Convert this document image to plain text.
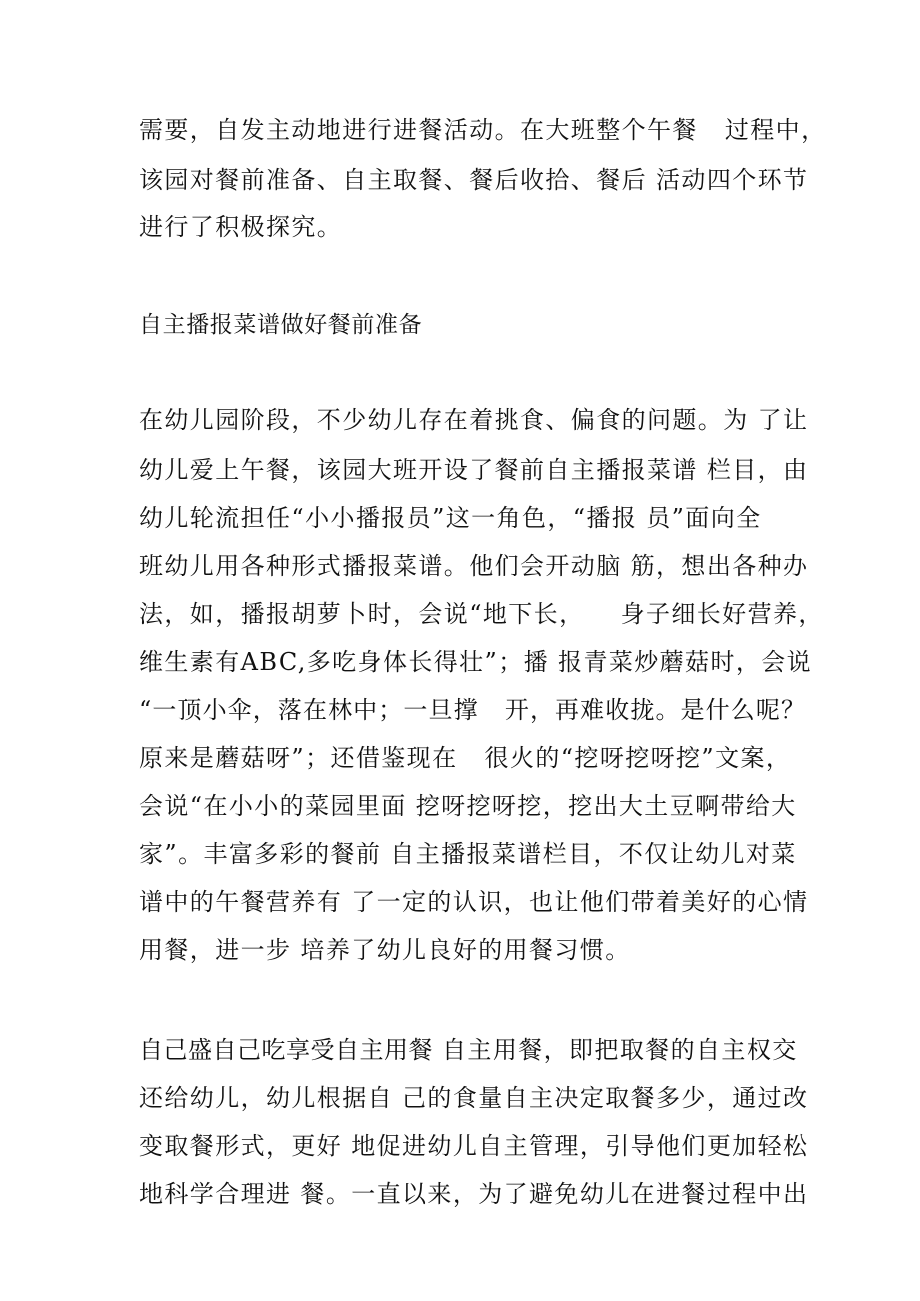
需要，自发主动地进行进餐活动。在大班整个午餐   过程中，

该园对餐前准备、自主取餐、餐后收拾、餐后 活动四个环节

进行了积极探究。

自主播报菜谱做好餐前准备

在幼儿园阶段，不少幼儿存在着挑食、偏食的问题。为 了让

幼儿爱上午餐，该园大班开设了餐前自主播报菜谱 栏目，由

幼儿轮流担任“小小播报员”这一角色，“播报 员”面向全

班幼儿用各种形式播报菜谱。他们会开动脑 筋，想出各种办

法，如，播报胡萝卜时，会说“地下长，    身子细长好营养，

维生素有ABC,多吃身体长得壮”；播 报青菜炒蘑菇时，会说

“一顶小伞，落在林中；一旦撑   开，再难收拢。是什么呢？

原来是蘑菇呀”；还借鉴现在   很火的“挖呀挖呀挖”文案，

会说“在小小的菜园里面 挖呀挖呀挖，挖出大土豆啊带给大

家”。丰富多彩的餐前 自主播报菜谱栏目，不仅让幼儿对菜

谱中的午餐营养有 了一定的认识，也让他们带着美好的心情

用餐，进一步 培养了幼儿良好的用餐习惯。

自己盛自己吃享受自主用餐 自主用餐，即把取餐的自主权交

还给幼儿，幼儿根据自 己的食量自主决定取餐多少，通过改

变取餐形式，更好 地促进幼儿自主管理，引导他们更加轻松

地科学合理进 餐。一直以来，为了避免幼儿在进餐过程中出
